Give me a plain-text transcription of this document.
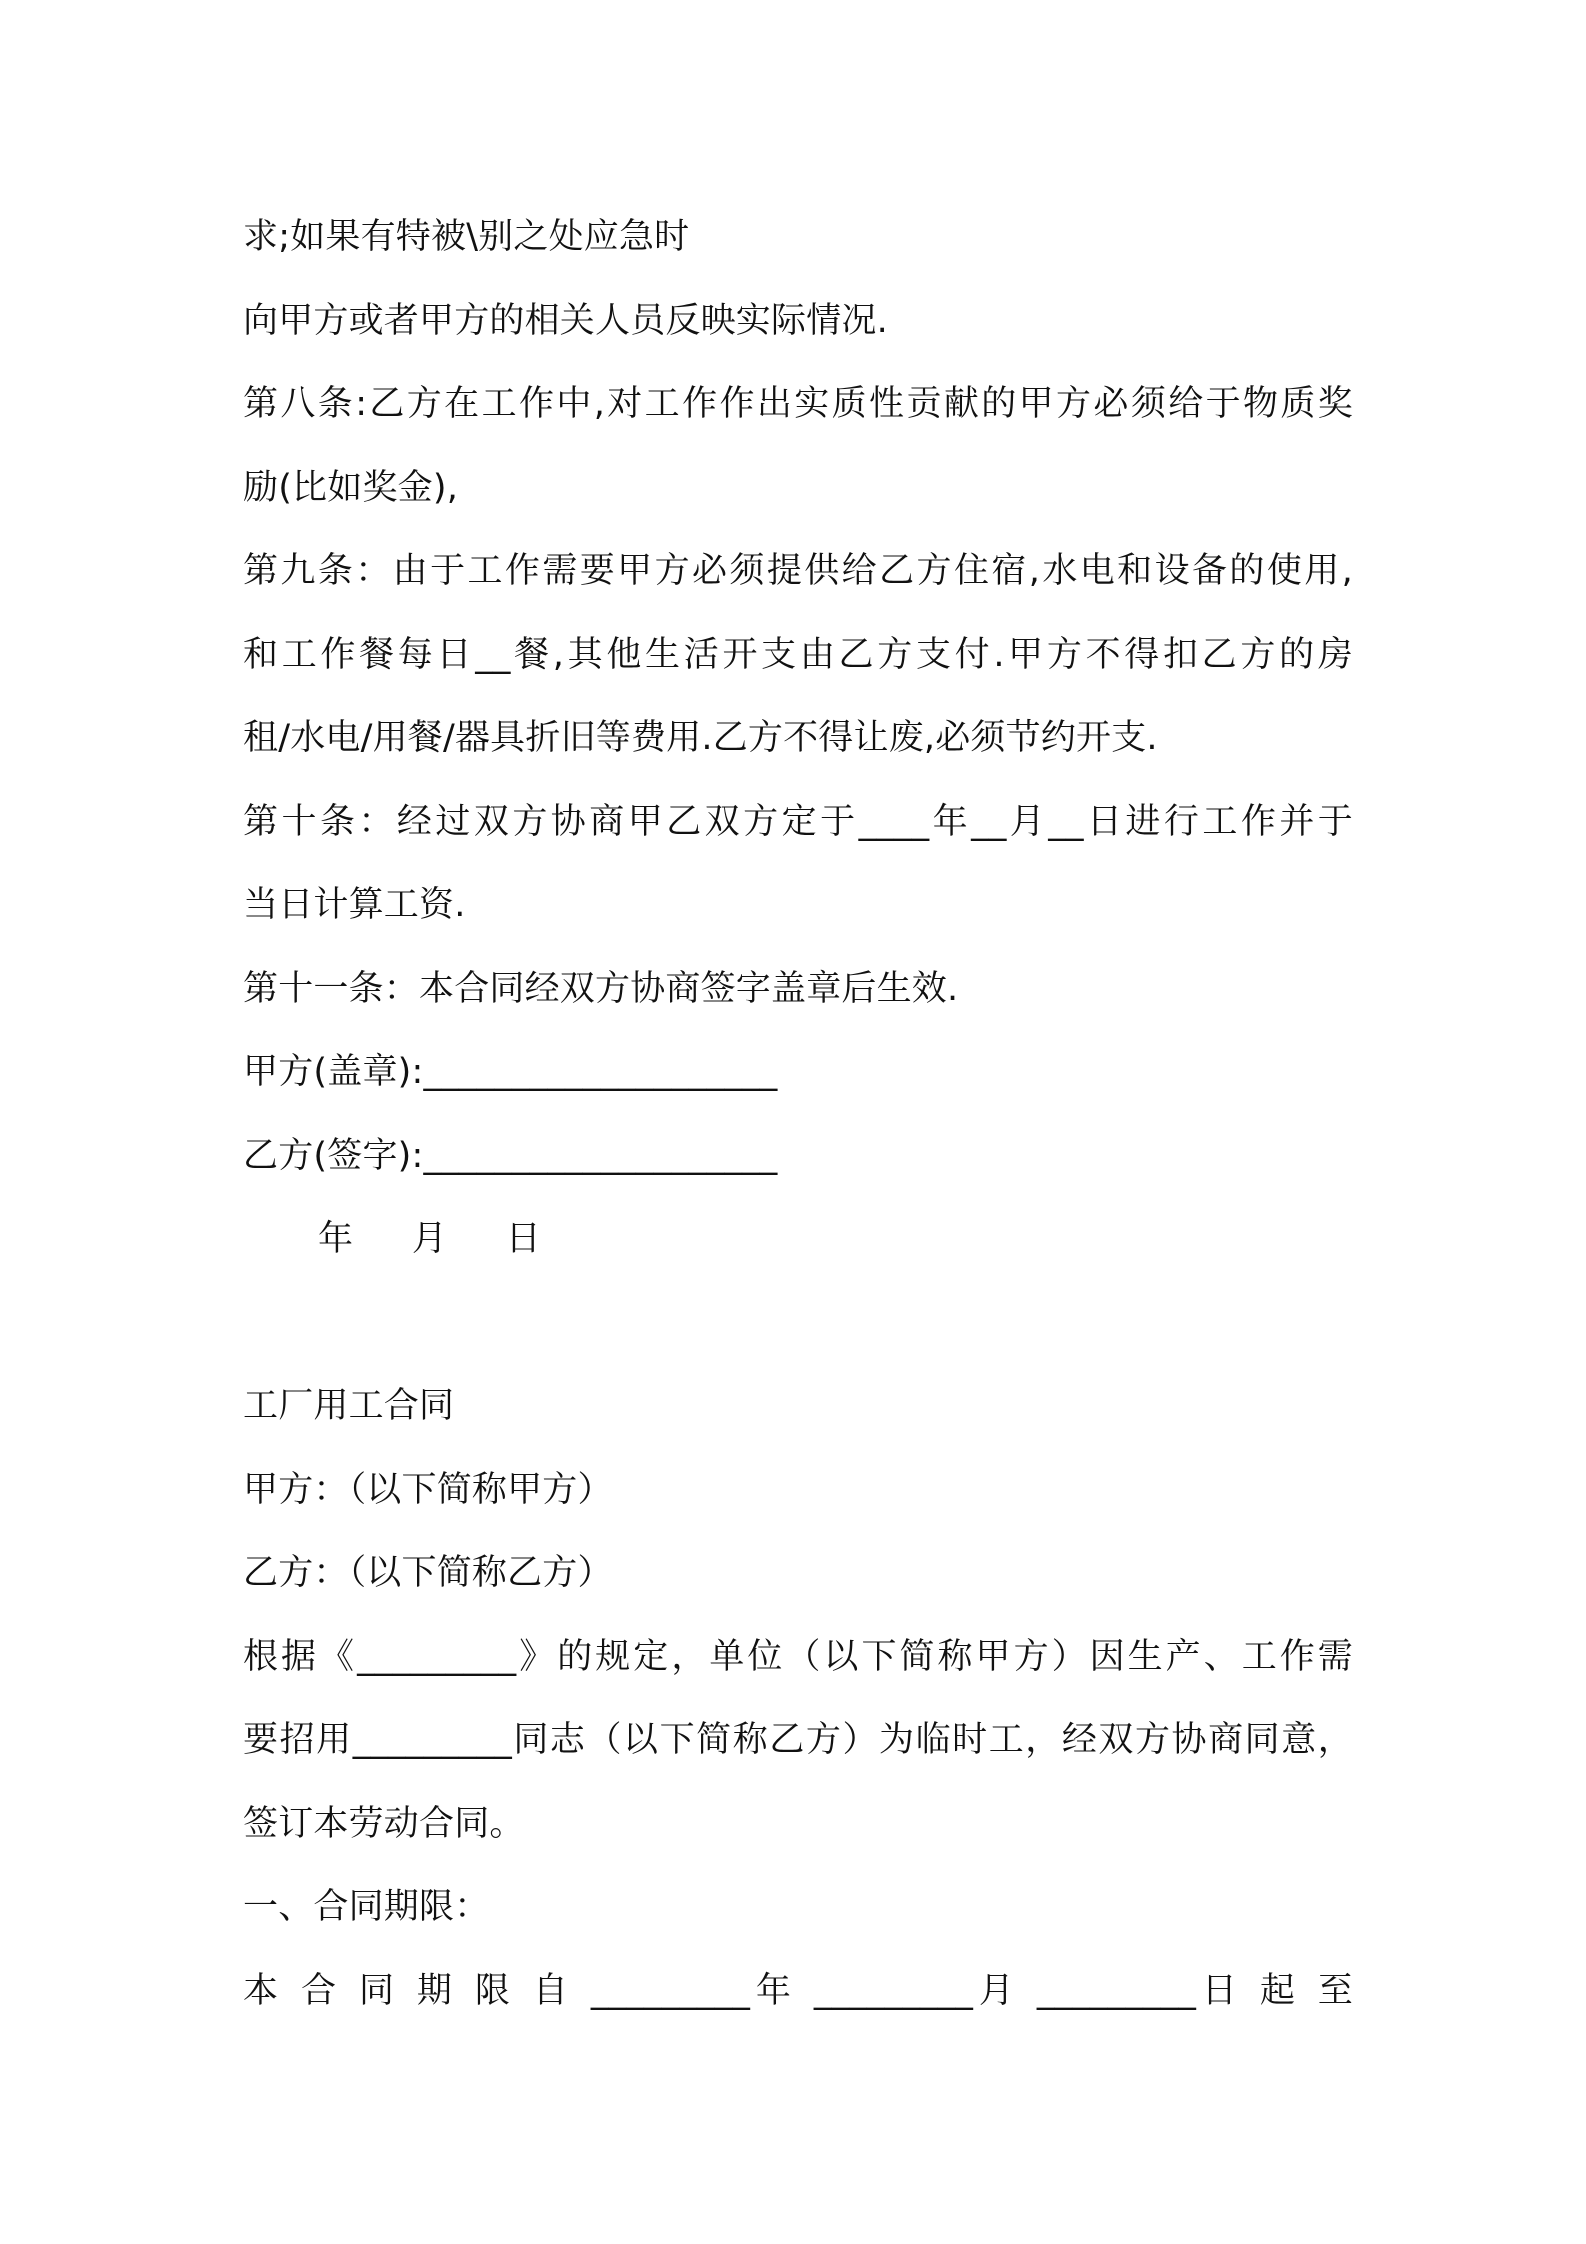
求;如果有特被\别之处应急时
向甲方或者甲方的相关人员反映实际情况.
第八条:乙方在工作中,对工作作出实质性贡献的甲方必须给于物质奖
励(比如奖金),
第九条：由于工作需要甲方必须提供给乙方住宿,水电和设备的使用,
和工作餐每日__餐,其他生活开支由乙方支付.甲方不得扣乙方的房
租/水电/用餐/器具折旧等费用.乙方不得让废,必须节约开支.
第十条：经过双方协商甲乙双方定于____年__月__日进行工作并于
当日计算工资.
第十一条：本合同经双方协商签字盖章后生效.
甲方(盖章):____________________
乙方(签字):____________________
年  月  日
工厂用工合同
甲方：（以下简称甲方）
乙方：（以下简称乙方）
根据《_________》的规定，单位（以下简称甲方）因生产、工作需
要招用_________同志（以下简称乙方）为临时工，经双方协商同意，
签订本劳动合同。
一、合同期限：
本 合 同 期 限 自 _________年 _________月 _________日 起 至
